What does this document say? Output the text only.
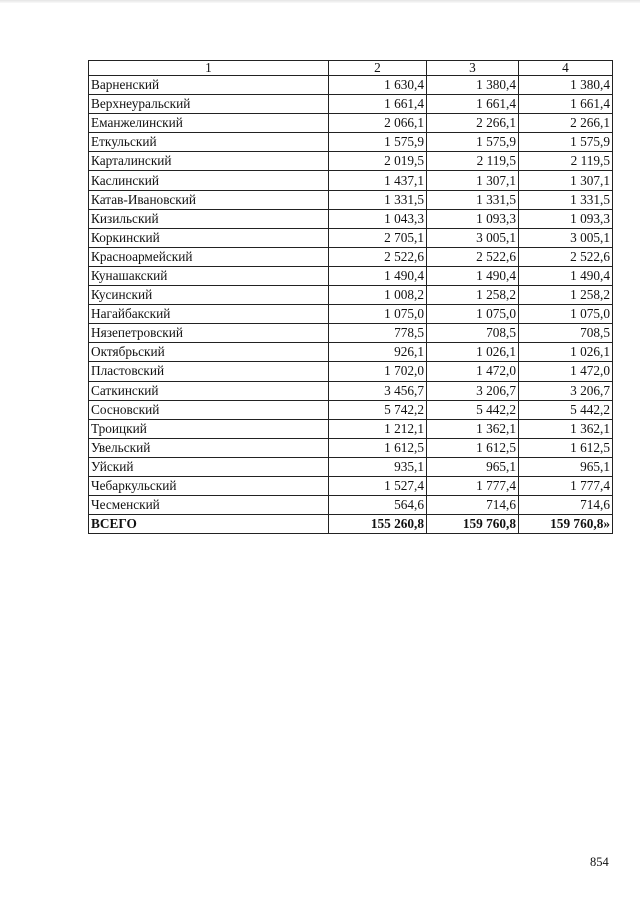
1	2	3	4
Варненский	1 630,4	1 380,4	1 380,4
Верхнеуральский	1 661,4	1 661,4	1 661,4
Еманжелинский	2 066,1	2 266,1	2 266,1
Еткульский	1 575,9	1 575,9	1 575,9
Карталинский	2 019,5	2 119,5	2 119,5
Каслинский	1 437,1	1 307,1	1 307,1
Катав-Ивановский	1 331,5	1 331,5	1 331,5
Кизильский	1 043,3	1 093,3	1 093,3
Коркинский	2 705,1	3 005,1	3 005,1
Красноармейский	2 522,6	2 522,6	2 522,6
Кунашакский	1 490,4	1 490,4	1 490,4
Кусинский	1 008,2	1 258,2	1 258,2
Нагайбакский	1 075,0	1 075,0	1 075,0
Нязепетровский	778,5	708,5	708,5
Октябрьский	926,1	1 026,1	1 026,1
Пластовский	1 702,0	1 472,0	1 472,0
Саткинский	3 456,7	3 206,7	3 206,7
Сосновский	5 742,2	5 442,2	5 442,2
Троицкий	1 212,1	1 362,1	1 362,1
Увельский	1 612,5	1 612,5	1 612,5
Уйский	935,1	965,1	965,1
Чебаркульский	1 527,4	1 777,4	1 777,4
Чесменский	564,6	714,6	714,6
ВСЕГО	155 260,8	159 760,8	159 760,8»
854
